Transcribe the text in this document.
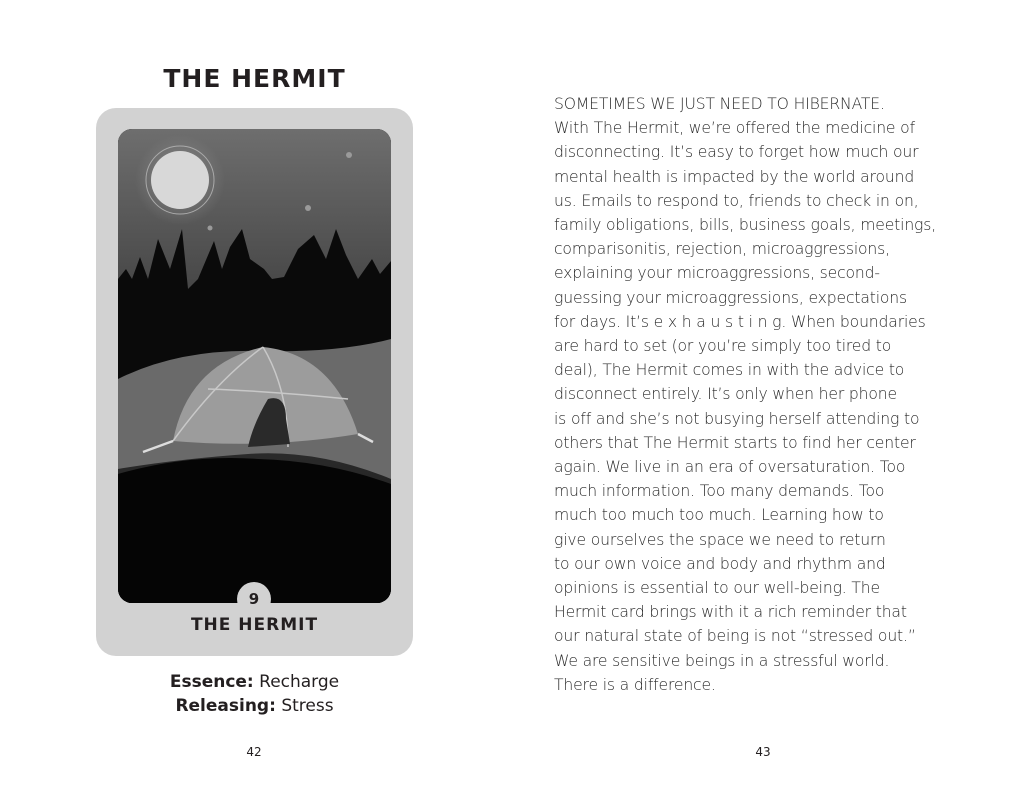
THE HERMIT
9
THE HERMIT
Essence: Recharge
Releasing: Stress
42
SOMETIMES WE JUST NEED TO HIBERNATE.
With The Hermit, we’re offered the medicine of
disconnecting. It’s easy to forget how much our
mental health is impacted by the world around
us. Emails to respond to, friends to check in on,
family obligations, bills, business goals, meetings,
comparisonitis, rejection, microaggressions,
explaining your microaggressions, second-
guessing your microaggressions, expectations
for days. It’s e x h a u s t i n g. When boundaries
are hard to set (or you’re simply too tired to
deal), The Hermit comes in with the advice to
disconnect entirely. It’s only when her phone
is off and she’s not busying herself attending to
others that The Hermit starts to find her center
again. We live in an era of oversaturation. Too
much information. Too many demands. Too
much too much too much. Learning how to
give ourselves the space we need to return
to our own voice and body and rhythm and
opinions is essential to our well-being. The
Hermit card brings with it a rich reminder that
our natural state of being is not “stressed out.”
We are sensitive beings in a stressful world.
There is a difference.
43
